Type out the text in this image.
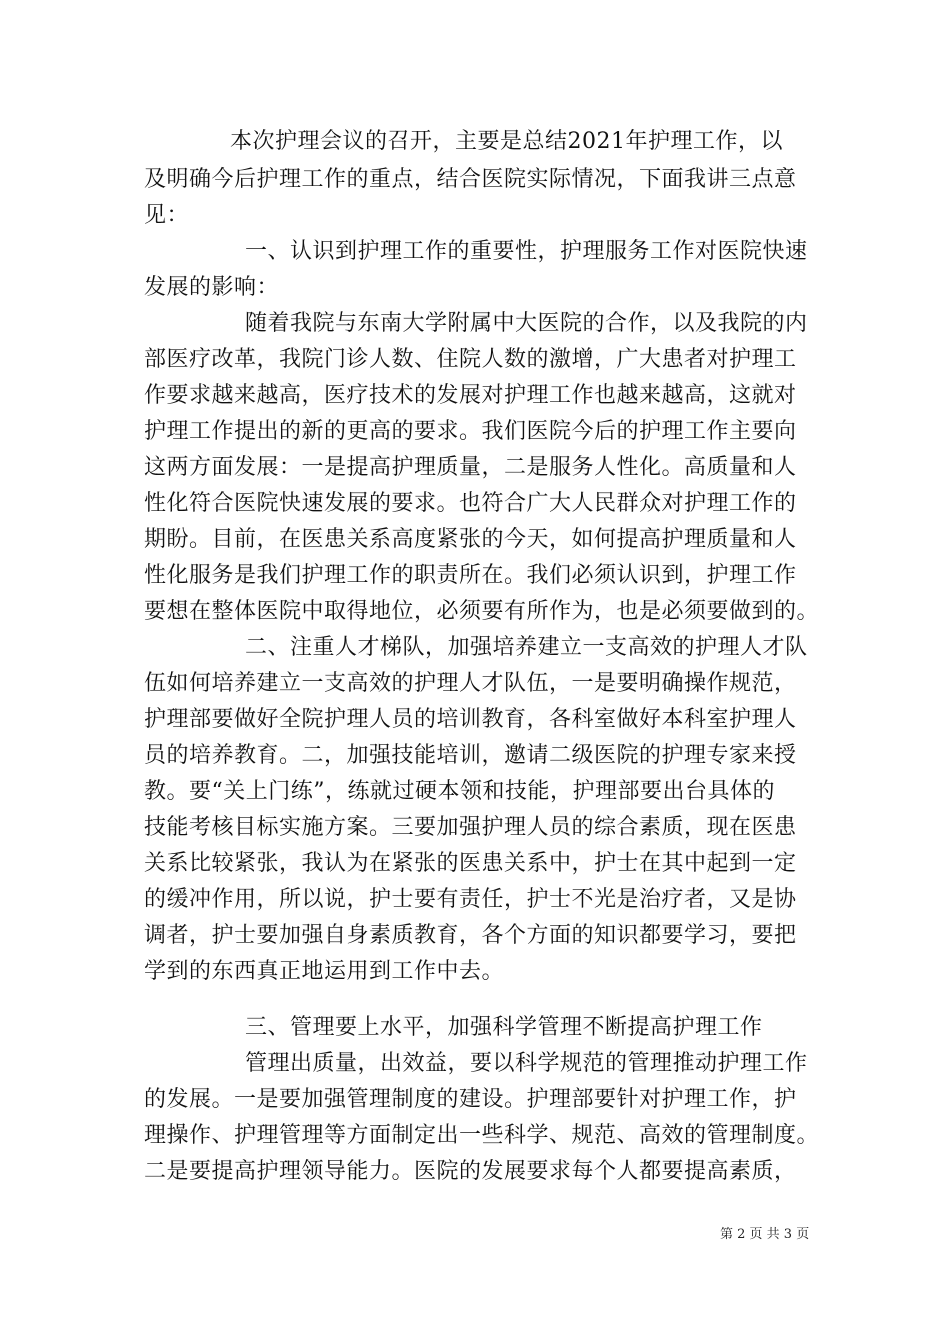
本次护理会议的召开，主要是总结2021年护理工作，以
及明确今后护理工作的重点，结合医院实际情况，下面我讲三点意
见：
一、认识到护理工作的重要性，护理服务工作对医院快速
发展的影响：
随着我院与东南大学附属中大医院的合作，以及我院的内
部医疗改革，我院门诊人数、住院人数的激增，广大患者对护理工
作要求越来越高，医疗技术的发展对护理工作也越来越高，这就对
护理工作提出的新的更高的要求。我们医院今后的护理工作主要向
这两方面发展：一是提高护理质量，二是服务人性化。高质量和人
性化符合医院快速发展的要求。也符合广大人民群众对护理工作的
期盼。目前，在医患关系高度紧张的今天，如何提高护理质量和人
性化服务是我们护理工作的职责所在。我们必须认识到，护理工作
要想在整体医院中取得地位，必须要有所作为，也是必须要做到的。
二、注重人才梯队，加强培养建立一支高效的护理人才队
伍如何培养建立一支高效的护理人才队伍，一是要明确操作规范，
护理部要做好全院护理人员的培训教育，各科室做好本科室护理人
员的培养教育。二，加强技能培训，邀请二级医院的护理专家来授
教。要“关上门练”，练就过硬本领和技能，护理部要出台具体的
技能考核目标实施方案。三要加强护理人员的综合素质，现在医患
关系比较紧张，我认为在紧张的医患关系中，护士在其中起到一定
的缓冲作用，所以说，护士要有责任，护士不光是治疗者，又是协
调者，护士要加强自身素质教育，各个方面的知识都要学习，要把
学到的东西真正地运用到工作中去。
三、管理要上水平，加强科学管理不断提高护理工作
管理出质量，出效益，要以科学规范的管理推动护理工作
的发展。一是要加强管理制度的建设。护理部要针对护理工作，护
理操作、护理管理等方面制定出一些科学、规范、高效的管理制度。
二是要提高护理领导能力。医院的发展要求每个人都要提高素质，
第 2 页 共 3 页
